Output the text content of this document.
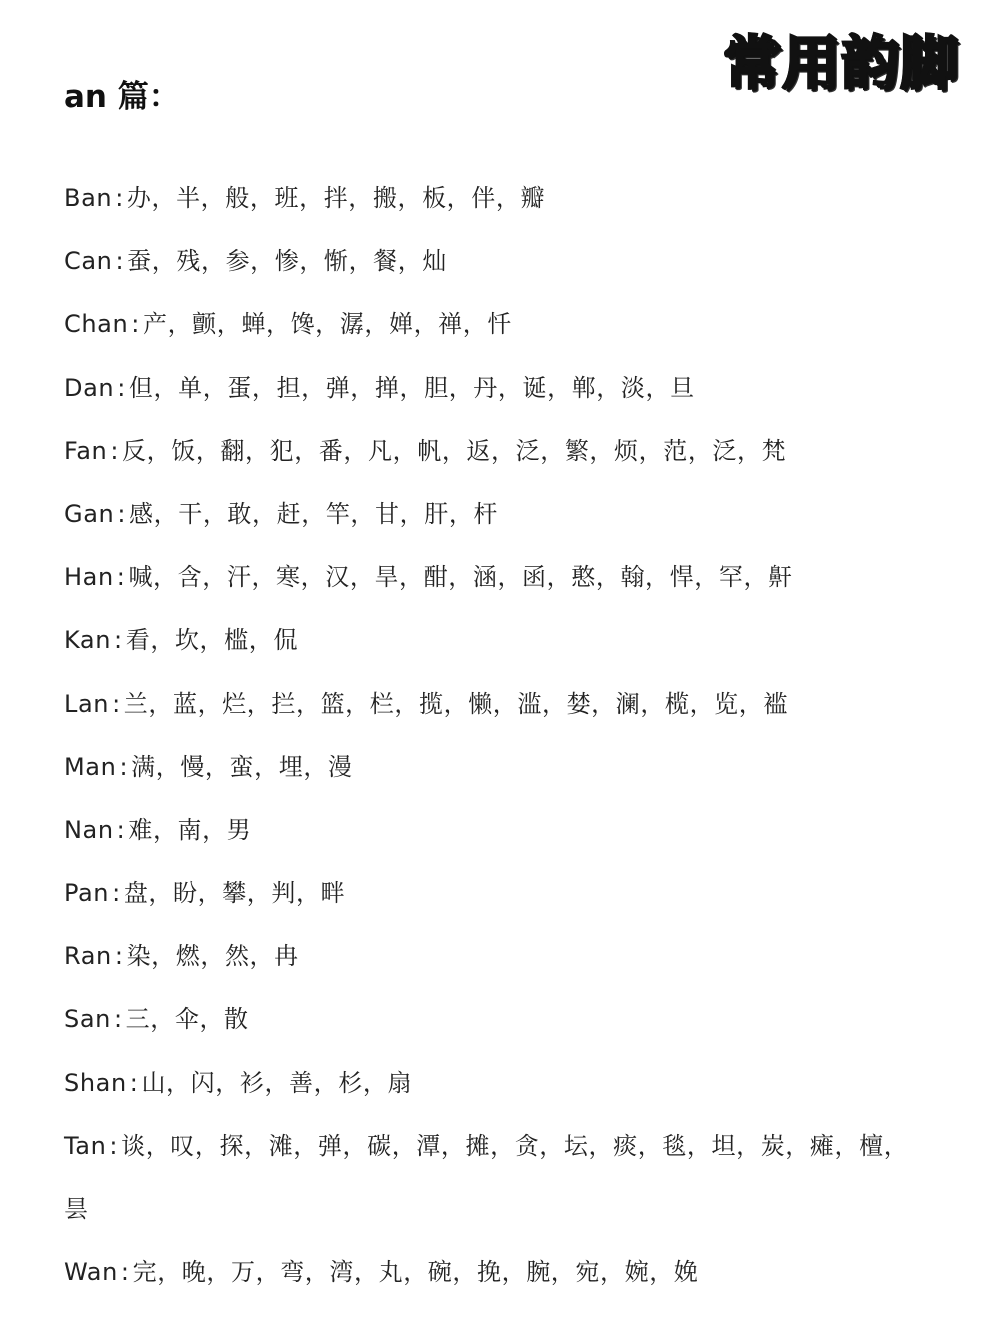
常用韵脚
an 篇：
Ban : 办，半，般，班，拌，搬，板，伴，瓣
Can : 蚕，残，参，惨，惭，餐，灿
Chan : 产，颤，蝉，馋，潺，婵，禅，忏
Dan : 但，单，蛋，担，弹，掸，胆，丹，诞，郸，淡，旦
Fan : 反，饭，翻，犯，番，凡，帆，返，泛，繁，烦，范，泛，梵
Gan : 感，干，敢，赶，竿，甘，肝，杆
Han : 喊，含，汗，寒，汉，旱，酣，涵，函，憨，翰，悍，罕，鼾
Kan : 看，坎，槛，侃
Lan : 兰，蓝，烂，拦，篮，栏，揽，懒，滥，婪，澜，榄，览，褴
Man : 满，慢，蛮，埋，漫
Nan : 难，南，男
Pan : 盘，盼，攀，判，畔
Ran : 染，燃，然，冉
San : 三，伞，散
Shan : 山，闪，衫，善，杉，扇
Tan : 谈，叹，探，滩，弹，碳，潭，摊，贪，坛，痰，毯，坦，炭，瘫，檀，
昙
Wan : 完，晚，万，弯，湾，丸，碗，挽，腕，宛，婉，娩
